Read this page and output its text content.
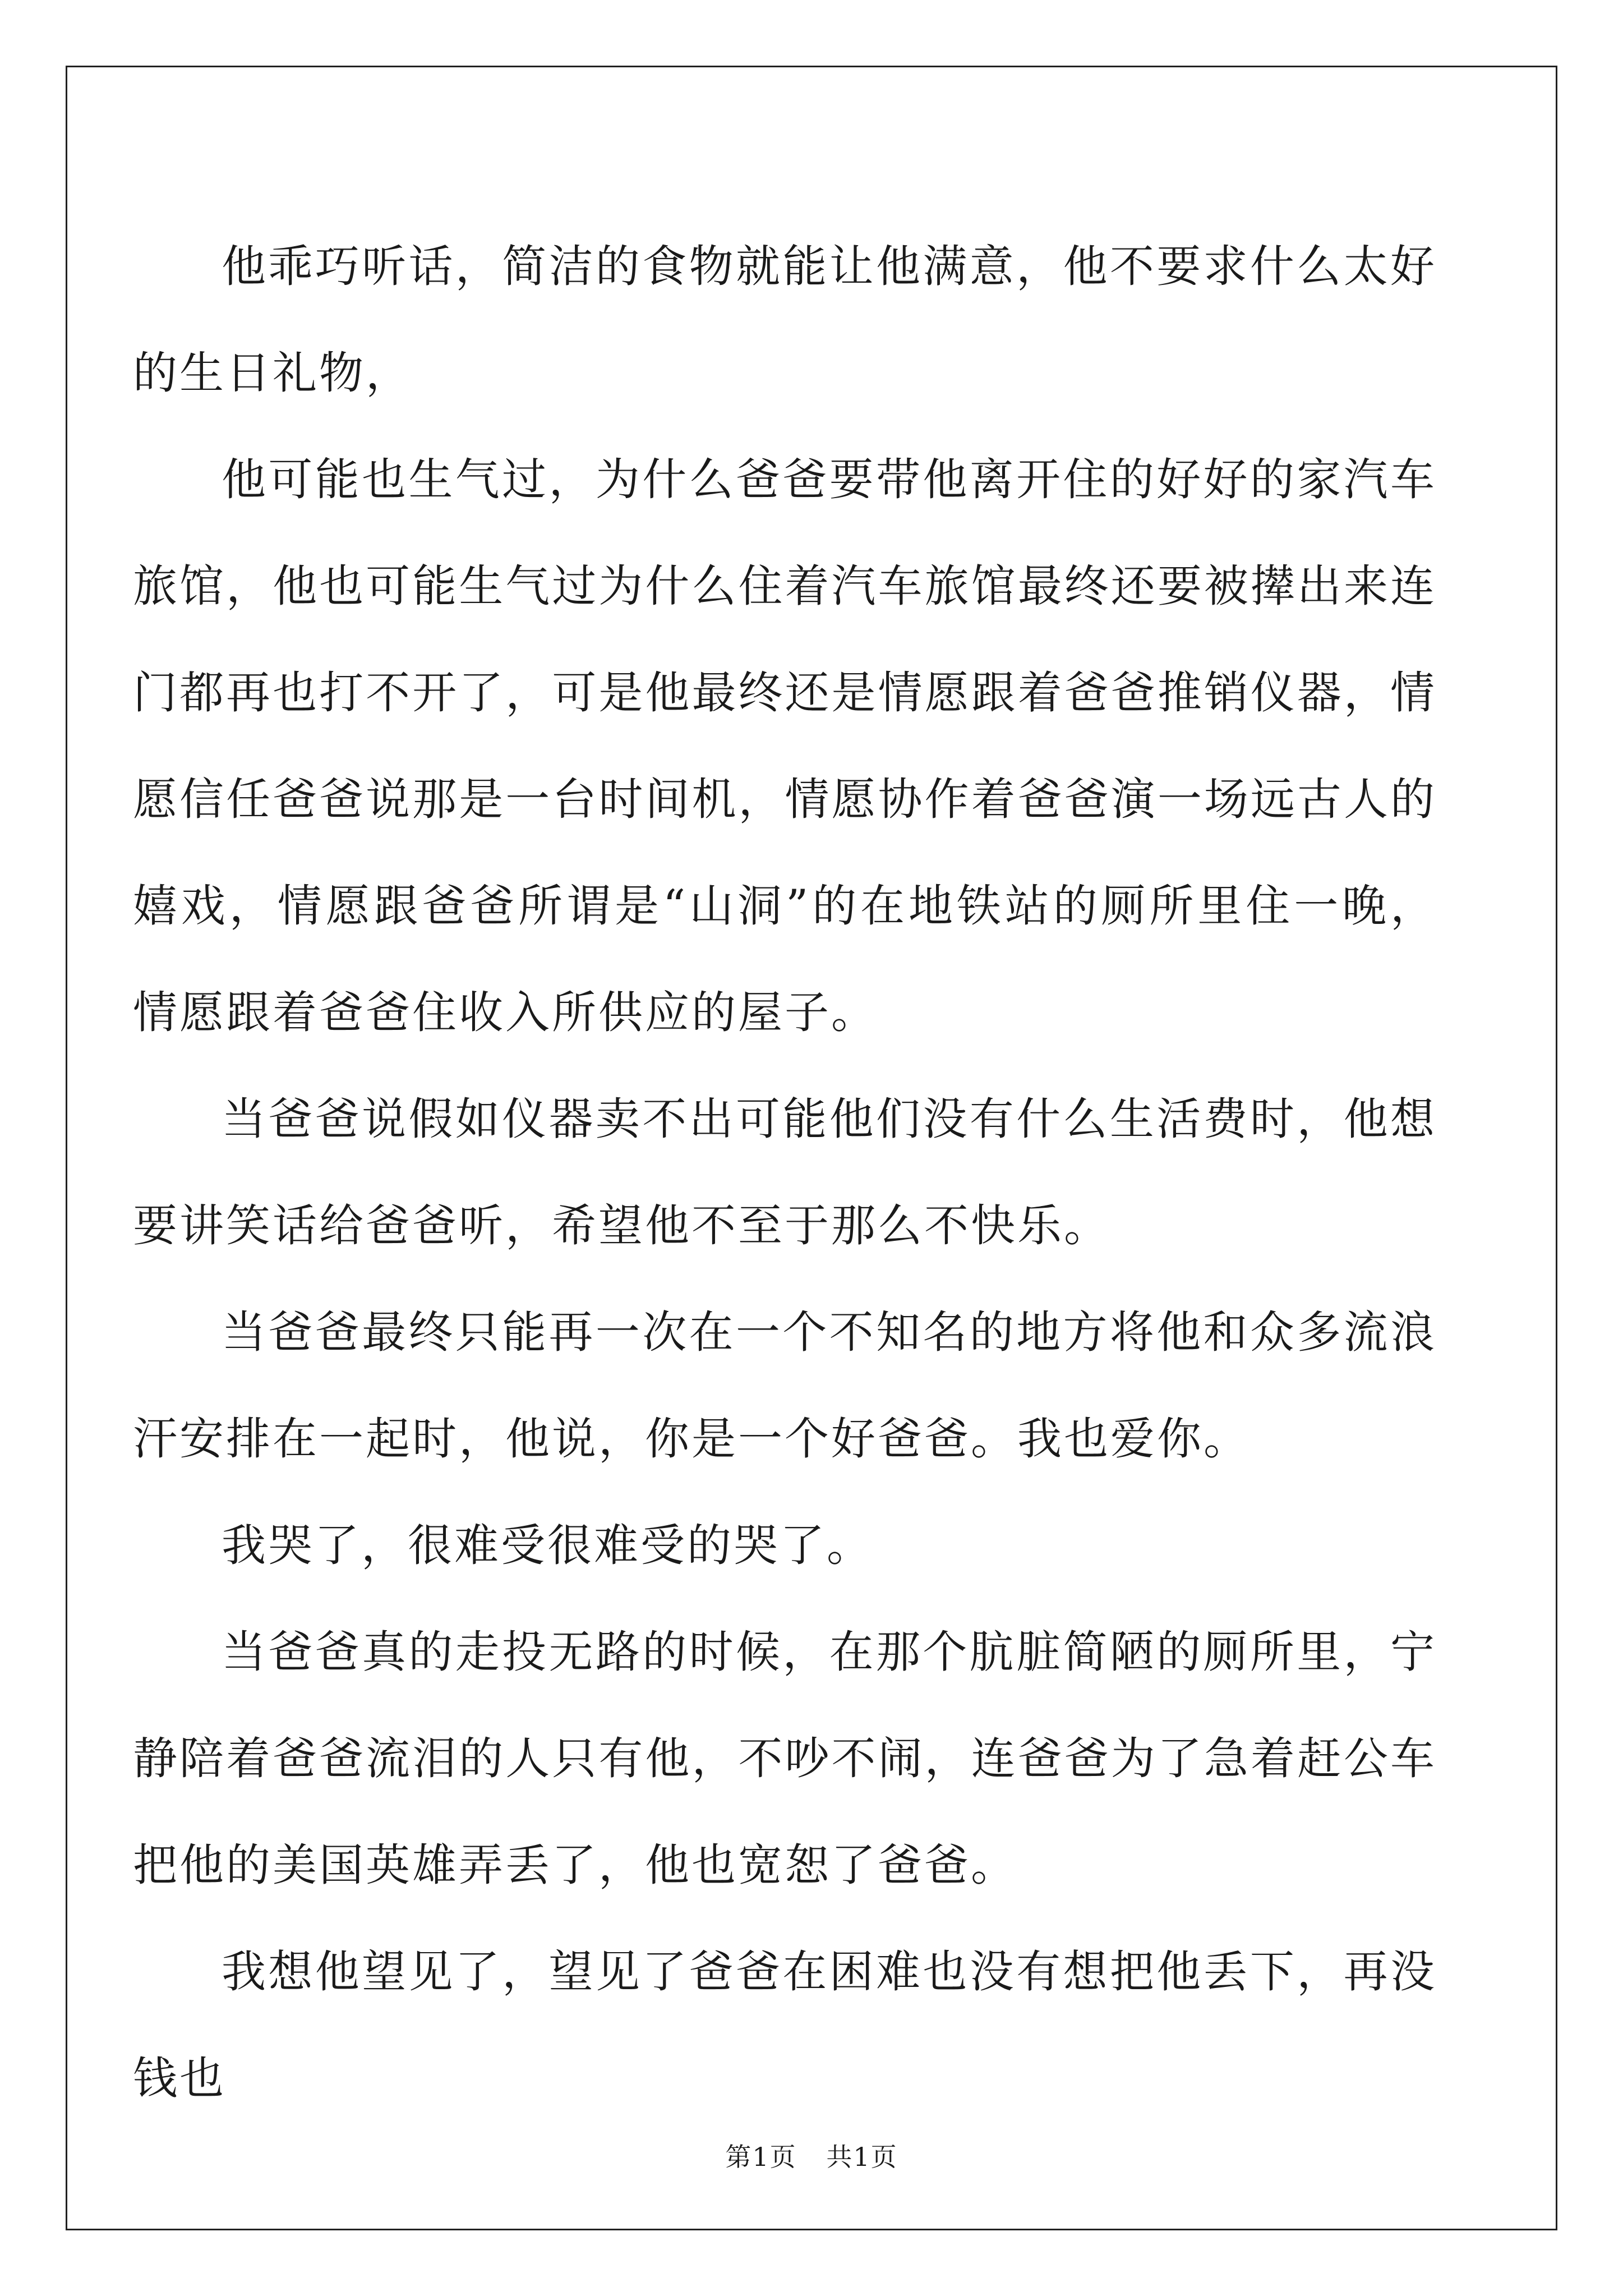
他乖巧听话，简洁的食物就能让他满意，他不要求什么太好的生日礼物，

他可能也生气过，为什么爸爸要带他离开住的好好的家汽车旅馆，他也可能生气过为什么住着汽车旅馆最终还要被撵出来连门都再也打不开了，可是他最终还是情愿跟着爸爸推销仪器，情愿信任爸爸说那是一台时间机，情愿协作着爸爸演一场远古人的嬉戏，情愿跟爸爸所谓是“山洞”的在地铁站的厕所里住一晚，情愿跟着爸爸住收入所供应的屋子。

当爸爸说假如仪器卖不出可能他们没有什么生活费时，他想要讲笑话给爸爸听，希望他不至于那么不快乐。

当爸爸最终只能再一次在一个不知名的地方将他和众多流浪汗安排在一起时，他说，你是一个好爸爸。我也爱你。

我哭了，很难受很难受的哭了。

当爸爸真的走投无路的时候，在那个肮脏简陋的厕所里，宁静陪着爸爸流泪的人只有他，不吵不闹，连爸爸为了急着赶公车把他的美国英雄弄丢了，他也宽恕了爸爸。

我想他望见了，望见了爸爸在困难也没有想把他丢下，再没钱也

第1页 共1页
